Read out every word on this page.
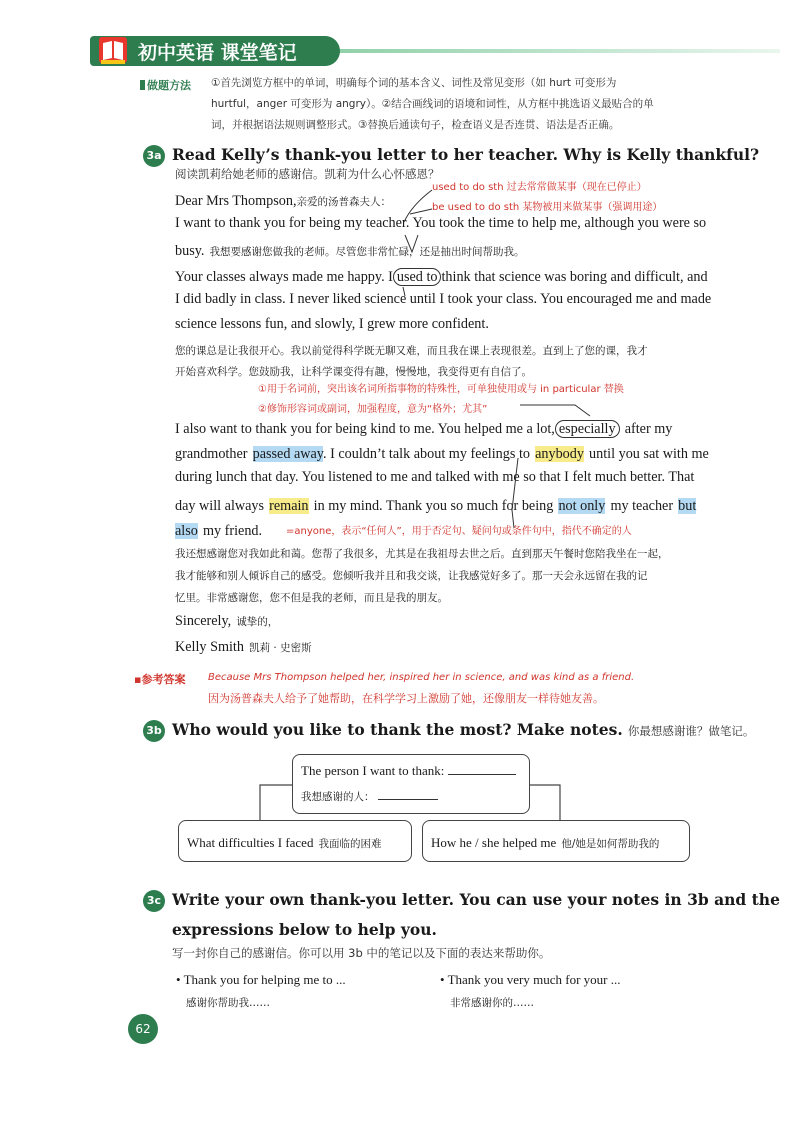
初中英语 课堂笔记
做题方法 ①首先浏览方框中的单词，明确每个词的基本含义、词性及常见变形（如 hurt 可变形为
hurtful，anger 可变形为 angry）。②结合画线词的语境和词性，从方框中挑选语义最贴合的单
词，并根据语法规则调整形式。③替换后通读句子，检查语义是否连贯、语法是否正确。
3a Read Kelly’s thank-you letter to her teacher. Why is Kelly thankful?
阅读凯莉给她老师的感谢信。凯莉为什么心怀感恩？
used to do sth 过去常常做某事（现在已停止）
be used to do sth 某物被用来做某事（强调用途）
Dear Mrs Thompson,亲爱的汤普森夫人：
I want to thank you for being my teacher. You took the time to help me, although you were so
busy. 我想要感谢您做我的老师。尽管您非常忙碌，还是抽出时间帮助我。
Your classes always made me happy. I used to think that science was boring and difficult, and
I did badly in class. I never liked science until I took your class. You encouraged me and made
science lessons fun, and slowly, I grew more confident.
您的课总是让我很开心。我以前觉得科学既无聊又难，而且我在课上表现很差。直到上了您的课，我才
开始喜欢科学。您鼓励我，让科学课变得有趣，慢慢地，我变得更有自信了。
①用于名词前，突出该名词所指事物的特殊性，可单独使用或与 in particular 替换
②修饰形容词或副词，加强程度，意为“格外；尤其”
I also want to thank you for being kind to me. You helped me a lot, especially after my
grandmother passed away. I couldn’t talk about my feelings to anybody until you sat with me
during lunch that day. You listened to me and talked with me so that I felt much better. That
day will always remain in my mind. Thank you so much for being not only my teacher but
also my friend. =anyone，表示“任何人”，用于否定句、疑问句或条件句中，指代不确定的人
我还想感谢您对我如此和蔼。您帮了我很多，尤其是在我祖母去世之后。直到那天午餐时您陪我坐在一起，
我才能够和别人倾诉自己的感受。您倾听我并且和我交谈，让我感觉好多了。那一天会永远留在我的记
忆里。非常感谢您，您不但是我的老师，而且是我的朋友。
Sincerely, 诚挚的，
Kelly Smith 凯莉 · 史密斯
▪参考答案 Because Mrs Thompson helped her, inspired her in science, and was kind as a friend.
因为汤普森夫人给予了她帮助，在科学学习上激励了她，还像朋友一样待她友善。
3b Who would you like to thank the most? Make notes. 你最想感谢谁？做笔记。
The person I want to thank:
我想感谢的人：
What difficulties I faced 我面临的困难	How he / she helped me 他/她是如何帮助我的
3c Write your own thank-you letter. You can use your notes in 3b and the
expressions below to help you.
写一封你自己的感谢信。你可以用 3b 中的笔记以及下面的表达来帮助你。
• Thank you for helping me to ...
感谢你帮助我……
• Thank you very much for your ...
非常感谢你的……
62
